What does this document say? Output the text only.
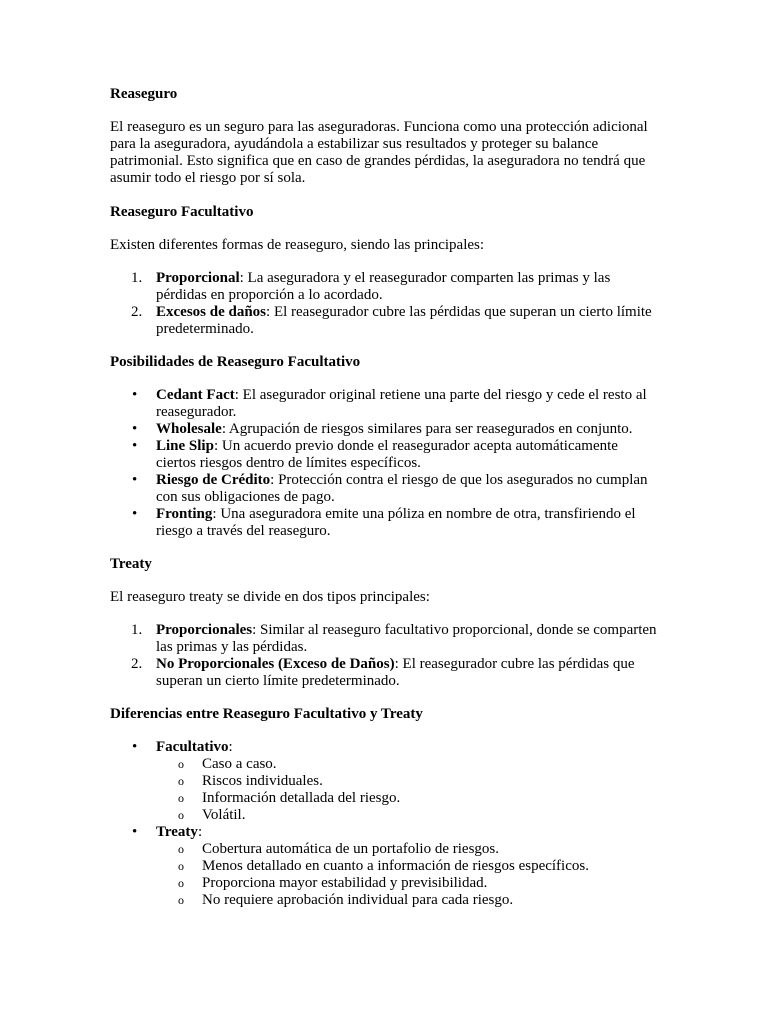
Reaseguro

El reaseguro es un seguro para las aseguradoras. Funciona como una protección adicional para la aseguradora, ayudándola a estabilizar sus resultados y proteger su balance patrimonial. Esto significa que en caso de grandes pérdidas, la aseguradora no tendrá que asumir todo el riesgo por sí sola.

Reaseguro Facultativo

Existen diferentes formas de reaseguro, siendo las principales:

1. Proporcional: La aseguradora y el reasegurador comparten las primas y las pérdidas en proporción a lo acordado.
2. Excesos de daños: El reasegurador cubre las pérdidas que superan un cierto límite predeterminado.
Posibilidades de Reaseguro Facultativo
•	Cedant Fact: El asegurador original retiene una parte del riesgo y cede el resto al reasegurador.
•	Wholesale: Agrupación de riesgos similares para ser reasegurados en conjunto.
•	Line Slip: Un acuerdo previo donde el reasegurador acepta automáticamente ciertos riesgos dentro de límites específicos.
•	Riesgo de Crédito: Protección contra el riesgo de que los asegurados no cumplan con sus obligaciones de pago.
•	Fronting: Una aseguradora emite una póliza en nombre de otra, transfiriendo el riesgo a través del reaseguro.
Treaty

El reaseguro treaty se divide en dos tipos principales:

1. Proporcionales: Similar al reaseguro facultativo proporcional, donde se comparten las primas y las pérdidas.
2. No Proporcionales (Exceso de Daños): El reasegurador cubre las pérdidas que superan un cierto límite predeterminado.
Diferencias entre Reaseguro Facultativo y Treaty
•	Facultativo:
o Caso a caso.
o Riscos individuales.
o Información detallada del riesgo.
o Volátil.
•	Treaty:
o Cobertura automática de un portafolio de riesgos.
o Menos detallado en cuanto a información de riesgos específicos.
o Proporciona mayor estabilidad y previsibilidad.
o No requiere aprobación individual para cada riesgo.
